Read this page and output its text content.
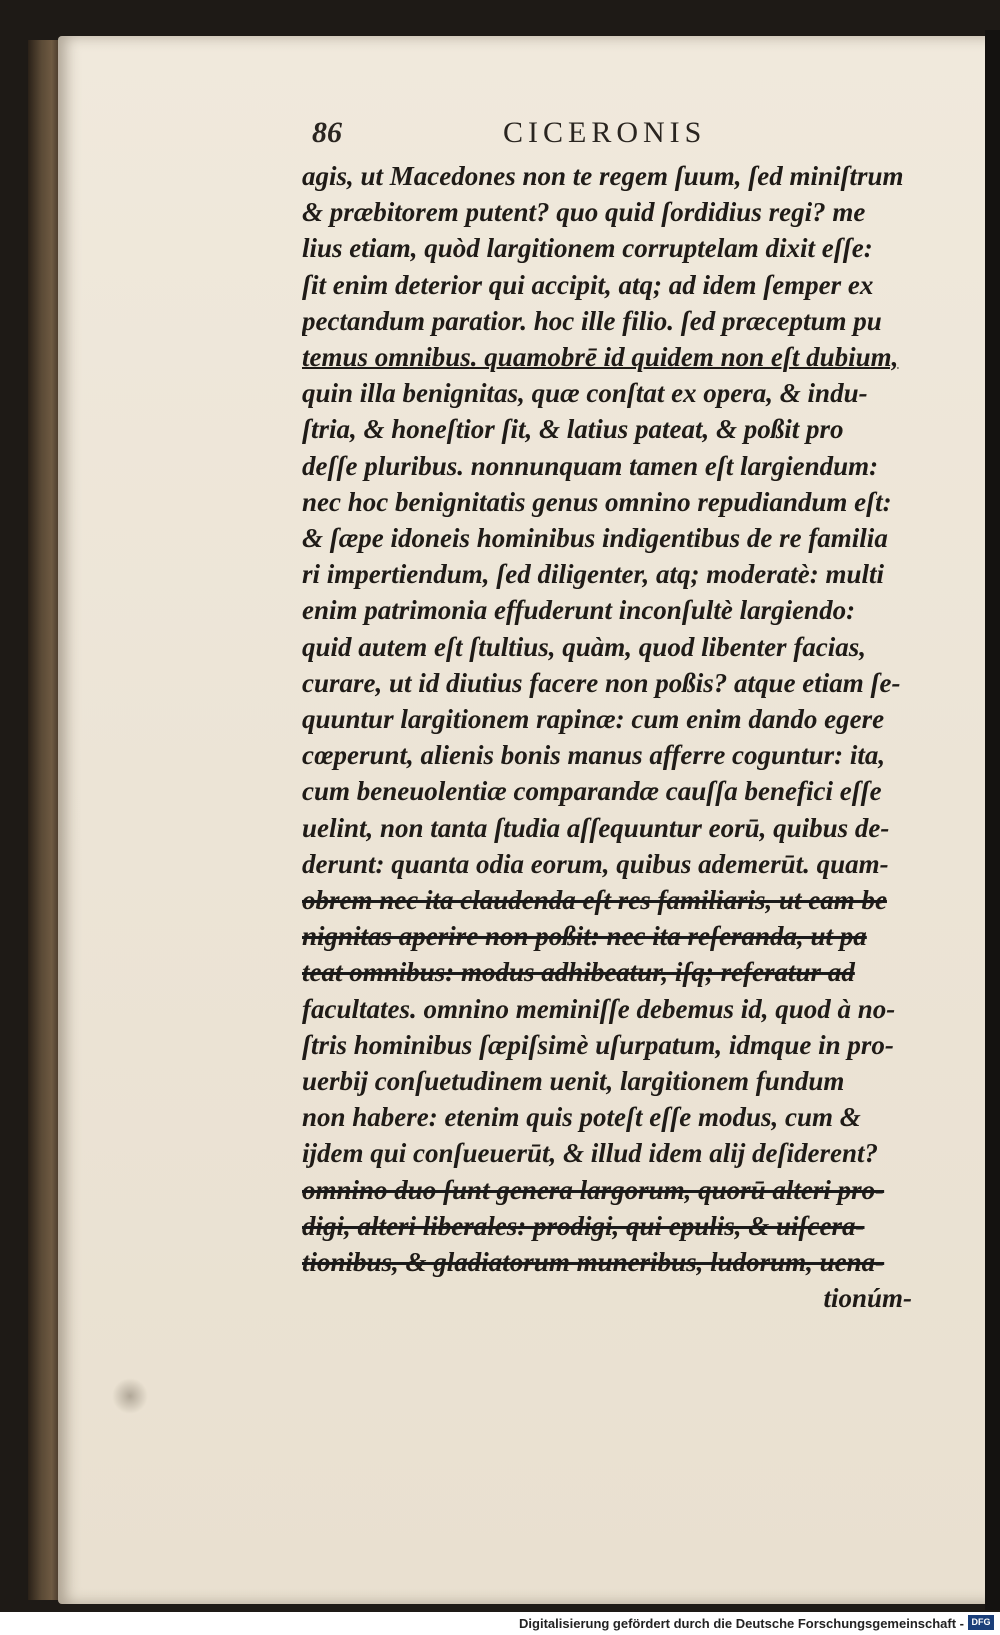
86	CICERONIS
agis, ut Macedones non te regem ſuum, ſed miniſtrum
& præbitorem putent? quo quid ſordidius regi? me
lius etiam, quòd largitionem corruptelam dixit eſſe:
ſit enim deterior qui accipit, atq; ad idem ſemper ex
pectandum paratior. hoc ille filio. ſed præceptum pu
temus omnibus. quamobrē id quidem non eſt dubium,
quin illa benignitas, quæ conſtat ex opera, & indu-
ſtria, & honeſtior ſit, & latius pateat, & poßit pro
deſſe pluribus. nonnunquam tamen eſt largiendum:
nec hoc benignitatis genus omnino repudiandum eſt:
& ſæpe idoneis hominibus indigentibus de re familia
ri impertiendum, ſed diligenter, atq; moderatè: multi
enim patrimonia effuderunt inconſultè largiendo:
quid autem eſt ſtultius, quàm, quod libenter facias,
curare, ut id diutius facere non poßis? atque etiam ſe-
quuntur largitionem rapinæ: cum enim dando egere
cœperunt, alienis bonis manus afferre coguntur: ita,
cum beneuolentiæ comparandæ cauſſa benefici eſſe
uelint, non tanta ſtudia aſſequuntur eorū, quibus de-
derunt: quanta odia eorum, quibus ademerūt. quam-
obrem nec ita claudenda eſt res familiaris, ut eam be
nignitas aperire non poßit: nec ita reſeranda, ut pa
teat omnibus: modus adhibeatur, iſq; referatur ad
facultates. omnino meminiſſe debemus id, quod à no-
ſtris hominibus ſæpiſsimè uſurpatum, idmque in pro-
uerbij conſuetudinem uenit, largitionem fundum
non habere: etenim quis poteſt eſſe modus, cum &
ijdem qui conſueuerūt, & illud idem alij deſiderent?
omnino duo ſunt genera largorum, quorū alteri pro-
digi, alteri liberales: prodigi, qui epulis, & uiſcera-
tionibus, & gladiatorum muneribus, ludorum, uena-
tionúm-
Digitalisierung gefördert durch die Deutsche Forschungsgemeinschaft - DFG
